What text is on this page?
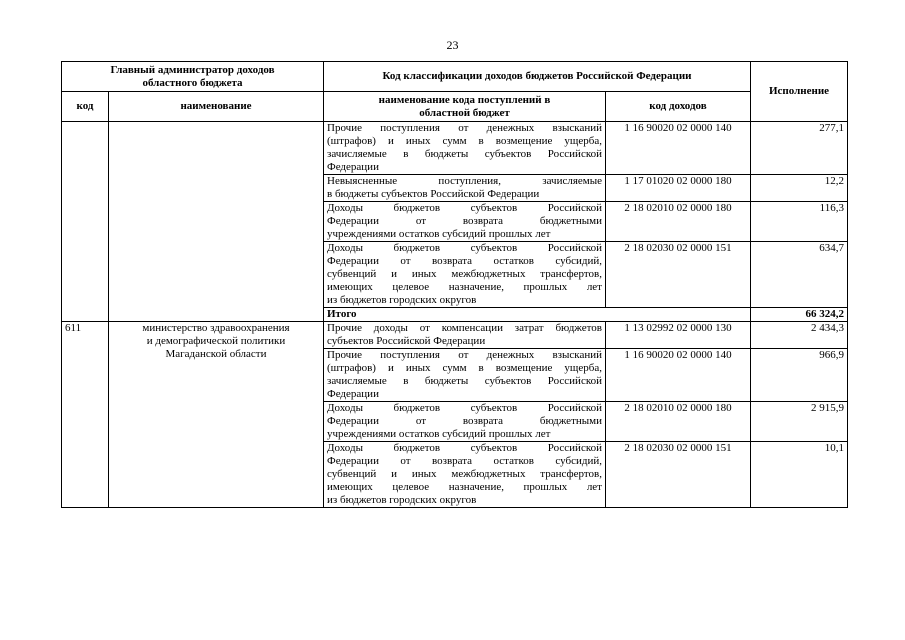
23
Главный администратор доходов областного бюджета		Код классификации доходов бюджетов Российской Федерации		Исполнение
код	наименование	наименование кода поступлений в областной бюджет	код доходов	

		Прочие поступления от денежных взысканий
(штрафов) и иных сумм в возмещение ущерба,
зачисляемые в бюджеты субъектов Российской
Федерации	1 16 90020 02 0000 140	277,1

		Невыясненные поступления, зачисляемые
в бюджеты субъектов Российской Федерации	1 17 01020 02 0000 180	12,2

		Доходы бюджетов субъектов Российской
Федерации от возврата бюджетными
учреждениями остатков субсидий прошлых лет	2 18 02010 02 0000 180	116,3

		Доходы бюджетов субъектов Российской
Федерации от возврата остатков субсидий,
субвенций и иных межбюджетных трансфертов,
имеющих целевое назначение, прошлых лет
из бюджетов городских округов	2 18 02030 02 0000 151	634,7
		Итого		66 324,2
611	министерство здравоохранения
и демографической политики
Магаданской области	Прочие доходы от компенсации затрат бюджетов
субъектов Российской Федерации	1 13 02992 02 0000 130	2 434,3

		Прочие поступления от денежных взысканий
(штрафов) и иных сумм в возмещение ущерба,
зачисляемые в бюджеты субъектов Российской
Федерации	1 16 90020 02 0000 140	966,9

		Доходы бюджетов субъектов Российской
Федерации от возврата бюджетными
учреждениями остатков субсидий прошлых лет	2 18 02010 02 0000 180	2 915,9

		Доходы бюджетов субъектов Российской
Федерации от возврата остатков субсидий,
субвенций и иных межбюджетных трансфертов,
имеющих целевое назначение, прошлых лет
из бюджетов городских округов	2 18 02030 02 0000 151	10,1
